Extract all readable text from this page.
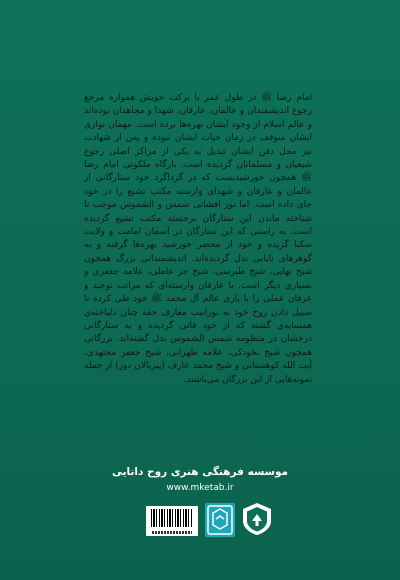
امام رضا ﷺ در طول عمر با برکت خویش همواره مرجع رجوع اندیشمندان و عالمان، عارفان، شهدا و مجاهدان بوده‌اند و عالم اسلام از وجود ایشان بهره‌ها برده است. مهمان نوازی ایشان متوقف در زمان حیات ایشان نبوده و پس از شهادت نیز محل دفن ایشان تبدیل به یکی از مراکز اصلی رجوع شیعیان و مسلمانان گردیده است. بارگاه ملکوتی امام رضا ﷺ همچون خورشیدیست که در گرداگرد خود ستارگانی از عالمان و عارفان و شهدای وارسته مکتب تشیع را در خود جای داده است. اما نور افشانی شمس و الشموس موجب نا شناخته ماندن این ستارگان برجسته مکتب تشیع گردیده است. به راستی که این ستارگان در آسمان امامت و ولایت سکنا گزیده و خود از محضر خورشید بهره‌ها گرفته و به گوهرهای ناپابی بدل گردیده‌اند. اندیشمندانی بزرگ همچون شیخ بهایی، شیخ طبرسی، شیخ حر عاملی، علامه جعفری و بسیاری دیگر است. یا عارفان وارسته‌ای که مراتب توحید و عرفان عملی را با یاری عالم آل محمد ﷺ خود طی کرده تا سبیل دادن روح خود به نورانیت معارف حقه چنان دلباخته‌ی همسایه‌ی گشته که از خود فانی گردیده و به ستارگانی درخشان در منظومه شمس الشموس بدل گشته‌اند. بزرگانی همچون شیخ نخودکی، علامه طهرانی، شیخ جعفر مجتهدی، آیت الله کوهستانی و شیخ محمد عارف (پیرپالان دوز) از جمله نمونه‌هایی از این بزرگان می‌باشند.

موسسه فرهنگی هنری روح دانایی
www.mketab.ir
